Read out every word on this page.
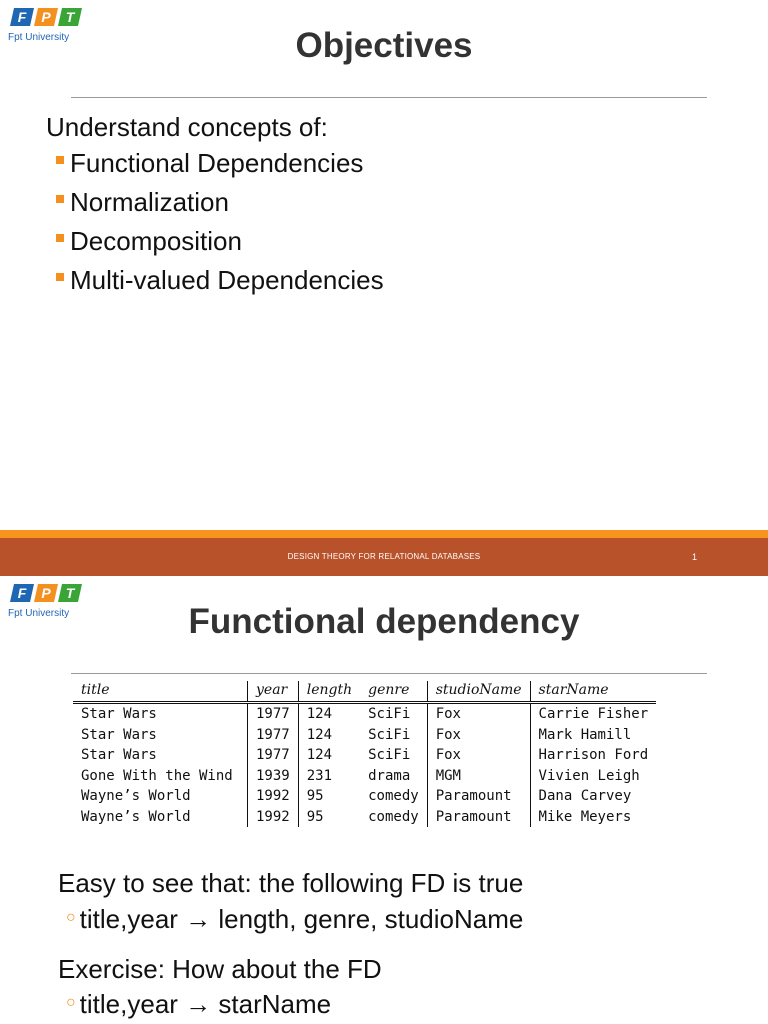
F P T
Fpt University	Objectives
Understand concepts of:
Functional Dependencies
Normalization
Decomposition
Multi-valued Dependencies
DESIGN THEORY FOR RELATIONAL DATABASES	1
F P T
Fpt University	Functional dependency
title	year	length	genre	studioName	starName
Star Wars	1977	124	SciFi	Fox	Carrie Fisher
Star Wars	1977	124	SciFi	Fox	Mark Hamill
Star Wars	1977	124	SciFi	Fox	Harrison Ford
Gone With the Wind	1939	231	drama	MGM	Vivien Leigh
Wayne’s World	1992	95	comedy	Paramount	Dana Carvey
Wayne’s World	1992	95	comedy	Paramount	Mike Meyers
Easy to see that: the following FD is true
○ title,year → length, genre, studioName
Exercise: How about the FD
○ title,year → starName
